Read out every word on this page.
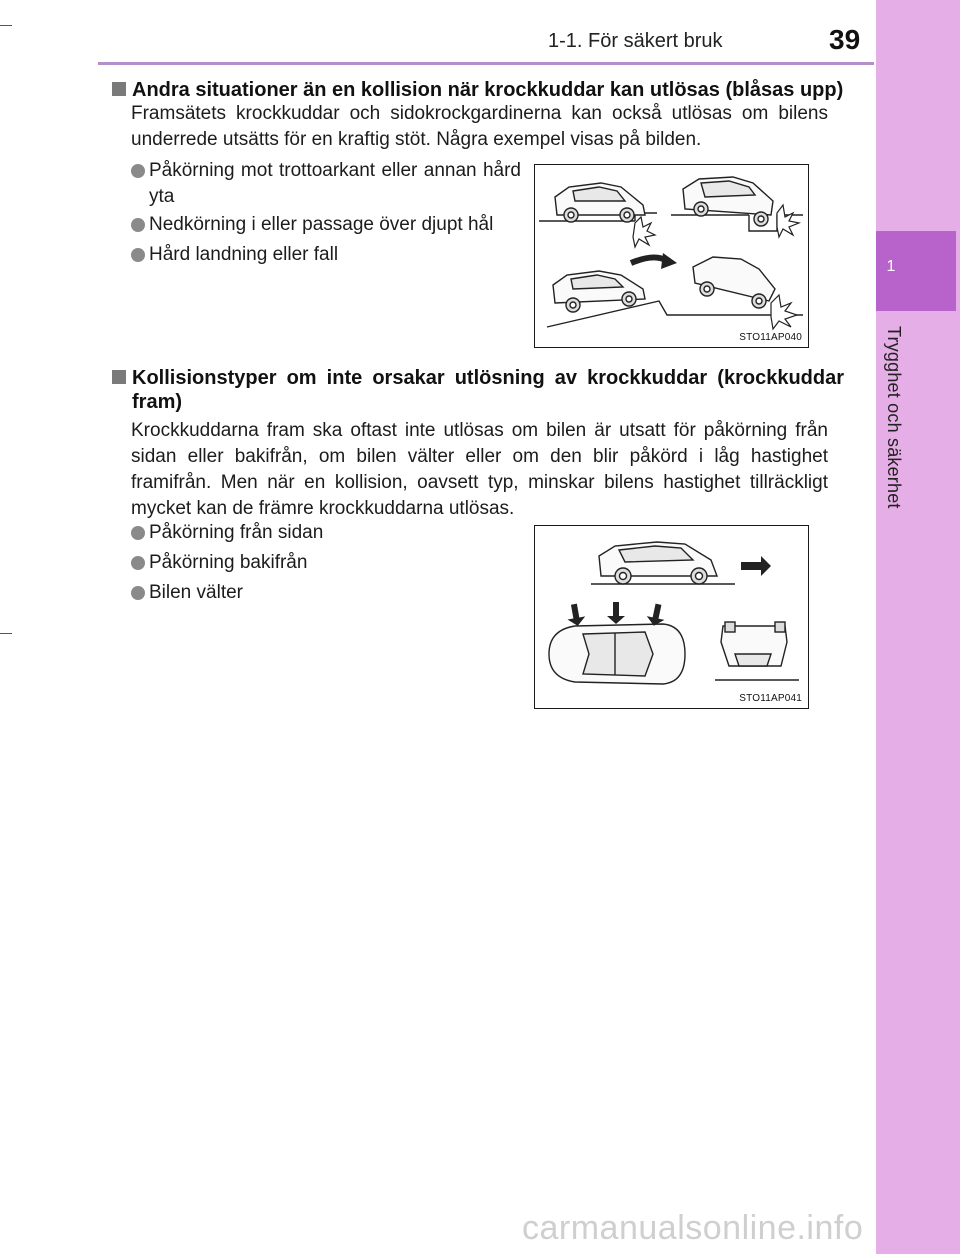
1-1. För säkert bruk	39
1
Trygghet och säkerhet
Andra situationer än en kollision när krockkuddar kan utlösas (blåsas upp)
Framsätets krockkuddar och sidokrockgardinerna kan också utlösas om bilens underrede utsätts för en kraftig stöt. Några exempel visas på bilden.
Påkörning mot trottoarkant eller annan hård yta
Nedkörning i eller passage över djupt hål
Hård landning eller fall
STO11AP040
Kollisionstyper om inte orsakar utlösning av krockkuddar (krockkuddar fram)
Krockkuddarna fram ska oftast inte utlösas om bilen är utsatt för påkörning från sidan eller bakifrån, om bilen välter eller om den blir påkörd i låg hastighet framifrån. Men när en kollision, oavsett typ, minskar bilens hastighet tillräckligt mycket kan de främre krockkuddarna utlösas.
Påkörning från sidan
Påkörning bakifrån
Bilen välter
STO11AP041
carmanualsonline.info
